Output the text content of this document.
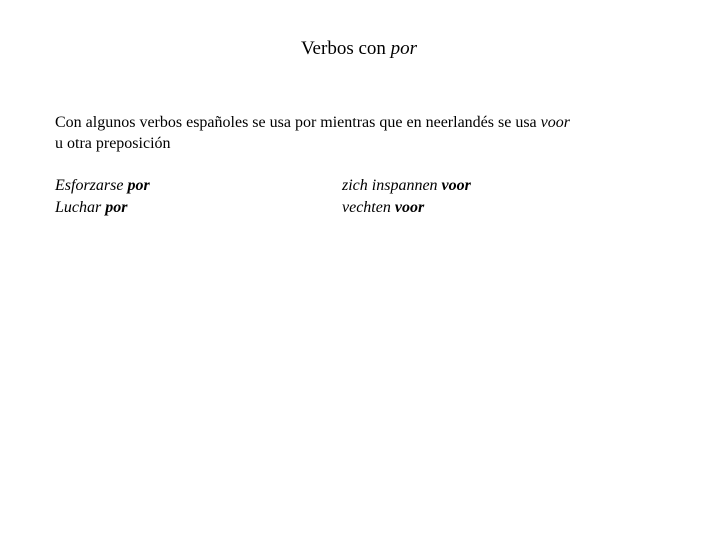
Verbos con por
Con algunos verbos españoles se usa por mientras que en neerlandés se usa voor
u otra preposición
Esforzarse por	zich inspannen voor
Luchar por	vechten voor
